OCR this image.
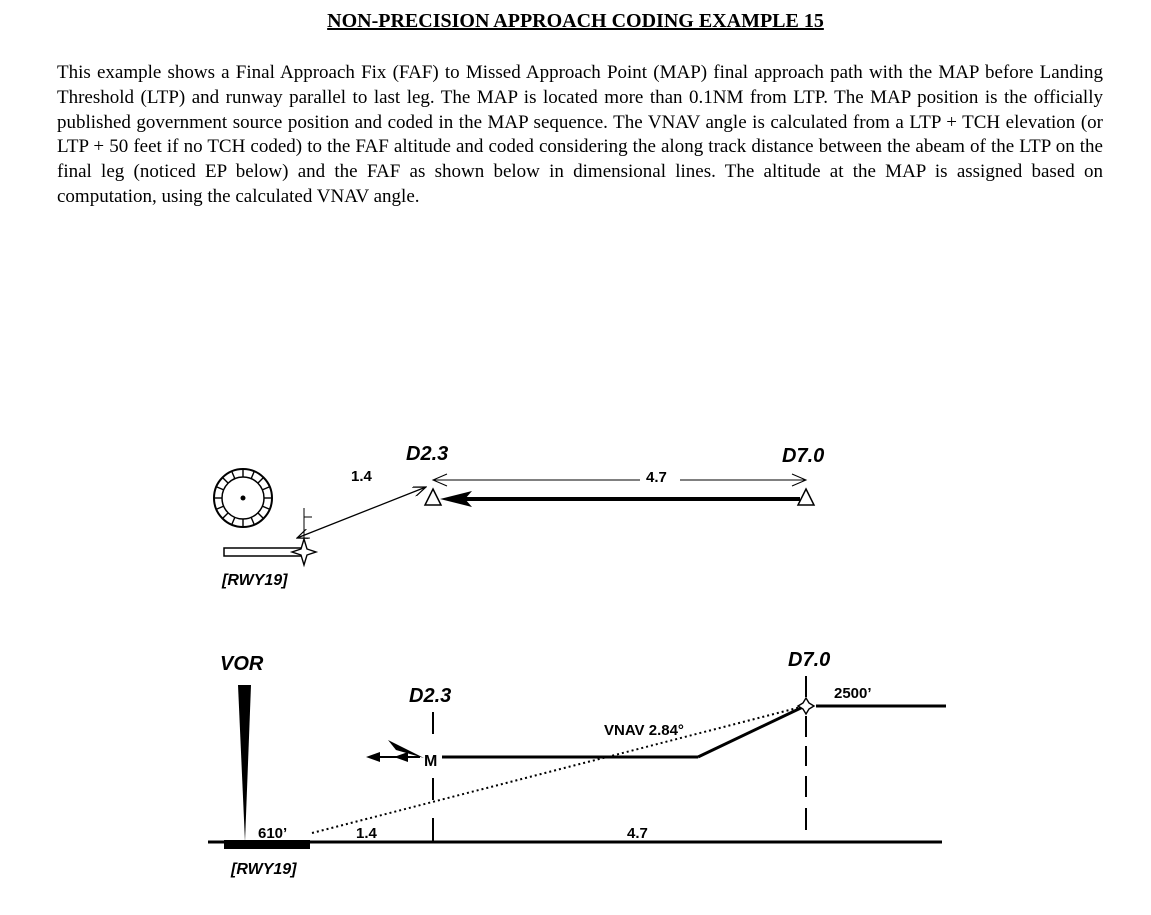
NON-PRECISION APPROACH CODING EXAMPLE 15

This example shows a Final Approach Fix (FAF) to Missed Approach Point (MAP) final approach path with the MAP before Landing Threshold (LTP) and runway parallel to last leg. The MAP is located more than 0.1NM from LTP. The MAP position is the officially published government source position and coded in the MAP sequence. The VNAV angle is calculated from a LTP + TCH elevation (or LTP + 50 feet if no TCH coded) to the FAF altitude and coded considering the along track distance between the abeam of the LTP on the final leg (noticed EP below) and the FAF as shown below in dimensional lines. The altitude at the MAP is assigned based on computation, using the calculated VNAV angle.

1.4	4.7
D2.3	D7.0
[RWY19]
VOR
610’
[RWY19]
VNAV 2.84°
M
D2.3
D7.0
2500’
1.4	4.7
